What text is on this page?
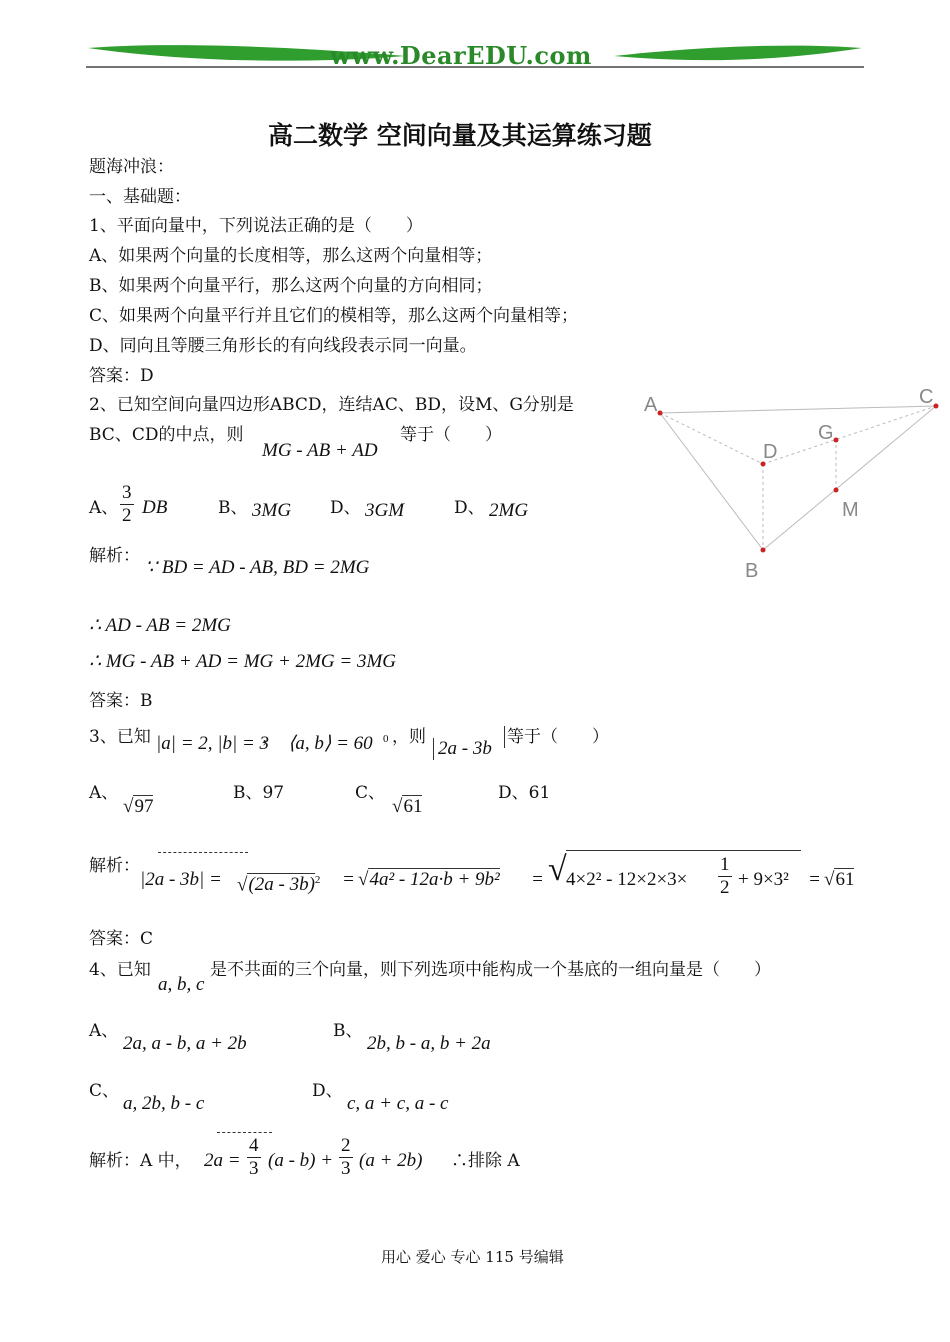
www.DearEDU.com
高二数学 空间向量及其运算练习题
题海冲浪：
一、基础题：
1、平面向量中，下列说法正确的是（　　）
A、如果两个向量的长度相等，那么这两个向量相等；
B、如果两个向量平行，那么这两个向量的方向相同；
C、如果两个向量平行并且它们的模相等，那么这两个向量相等；
D、同向且等腰三角形长的有向线段表示同一向量。
答案：D
2、已知空间向量四边形ABCD，连结AC、BD，设M、G分别是
BC、CD的中点，则
MG - AB + AD
等于（　　）
A、 $\frac{3}{2}$ DB	B、 3MG D、 3GM	D、 2MG
解析：
∵ BD = AD - AB, BD = 2MG
∴ AD - AB = 2MG
∴ MG - AB + AD = MG + 2MG = 3MG
答案：B
A	C
D
G
M
B
3、已知 |a| = 2, |b| = 3
， ⟨a, b⟩ = 60 0 ，则
2a - 3b
等于（　　）
A、
√97
B、97	C、
√61
D、61
解析：
|2a - 3b| = √(2a - 3b)$^2$ = √4a² - 12a·b + 9b² = √ $4\times 2^2 - 12\times 2\times 3\times \frac{1}{2} + 9\times 3^2 = √61$
答案：C
4、已知
a, b, c
是不共面的三个向量，则下列选项中能构成一个基底的一组向量是（　　）
A、
2a, a - b, a + 2b
B、
2b, b - a, b + 2a
C、
a, 2b, b - c
D、
c, a + c, a - c
解析：A 中， $2a = \frac{4}{3} (a - b) + \frac{2}{3} (a + 2b)$ ∴排除 A
用心 爱心 专心 115 号编辑
